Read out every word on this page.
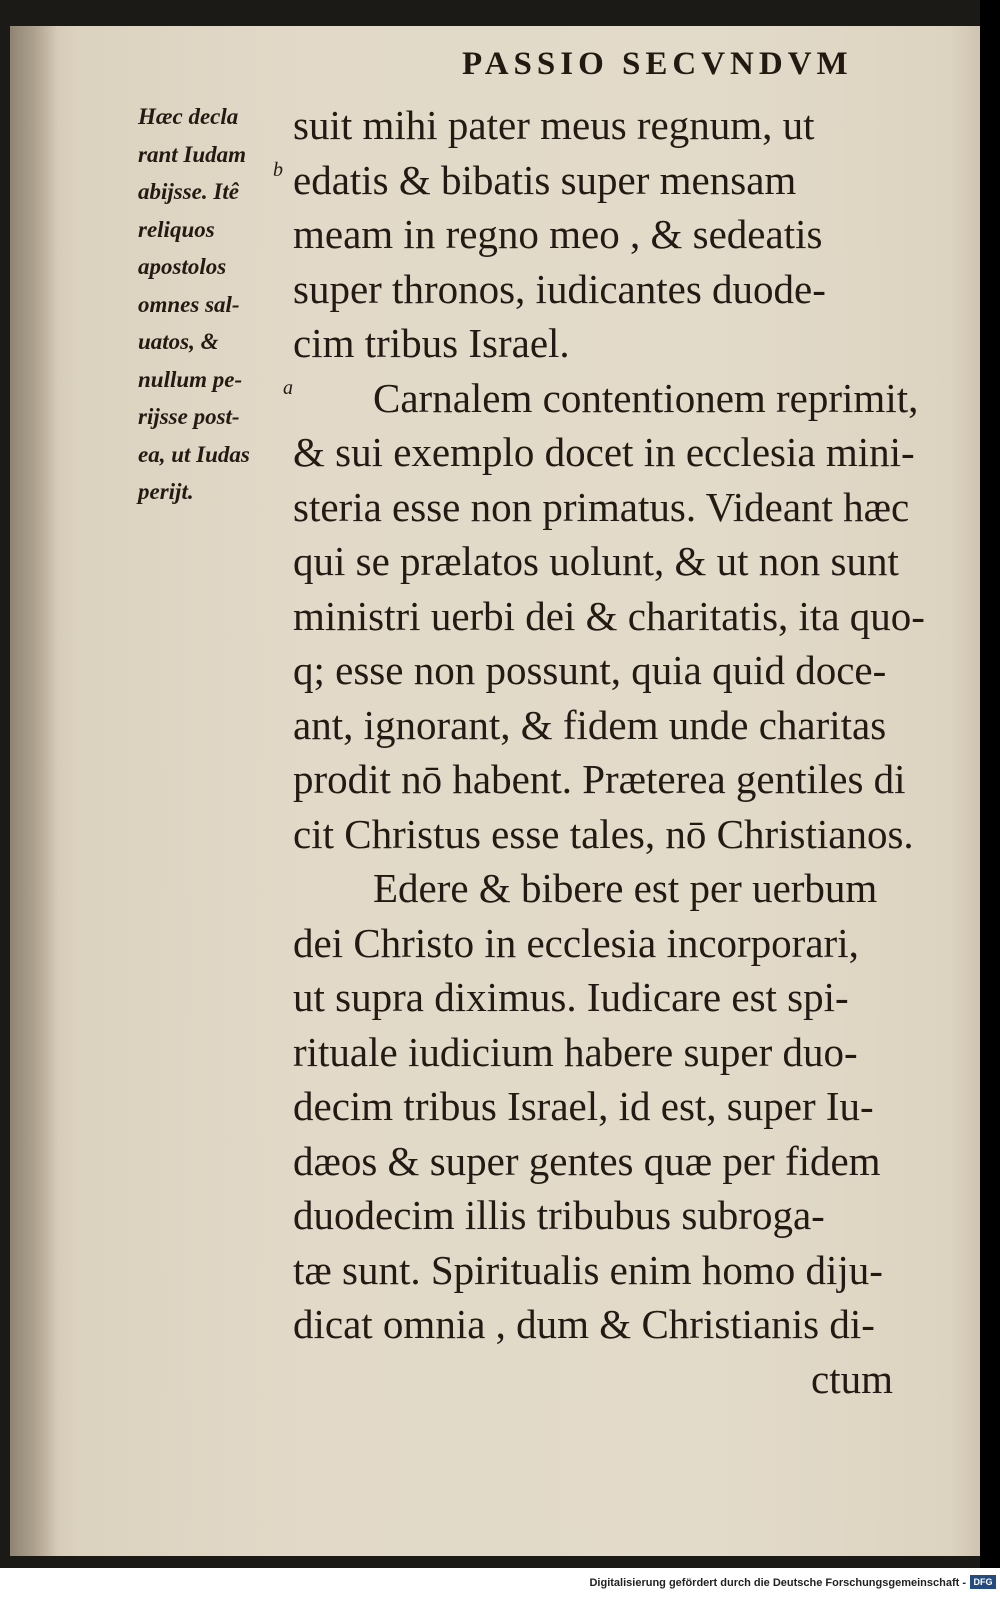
PASSIO SECVNDVM
Hæc decla
rant Iudam
abijsse. Itê
reliquos
apostolos
omnes sal-
uatos, &
nullum pe-
rijsse post-
ea, ut Iudas
perijt.
suit mihi pater meus regnum, ut
b edatis & bibatis super mensam
meam in regno meo , & sedeatis
super thronos, iudicantes duode-
cim tribus Israel.
a Carnalem contentionem reprimit,
& sui exemplo docet in ecclesia mini-
steria esse non primatus. Videant hæc
qui se prælatos uolunt, & ut non sunt
ministri uerbi dei & charitatis, ita quo-
q; esse non possunt, quia quid doce-
ant, ignorant, & fidem unde charitas
prodit nō habent. Præterea gentiles di
cit Christus esse tales, nō Christianos.
Edere & bibere est per uerbum
dei Christo in ecclesia incorporari,
ut supra diximus. Iudicare est spi-
rituale iudicium habere super duo-
decim tribus Israel, id est, super Iu-
dæos & super gentes quæ per fidem
duodecim illis tribubus subroga-
tæ sunt. Spiritualis enim homo diju-
dicat omnia , dum & Christianis di-
ctum
Digitalisierung gefördert durch die Deutsche Forschungsgemeinschaft - DFG
